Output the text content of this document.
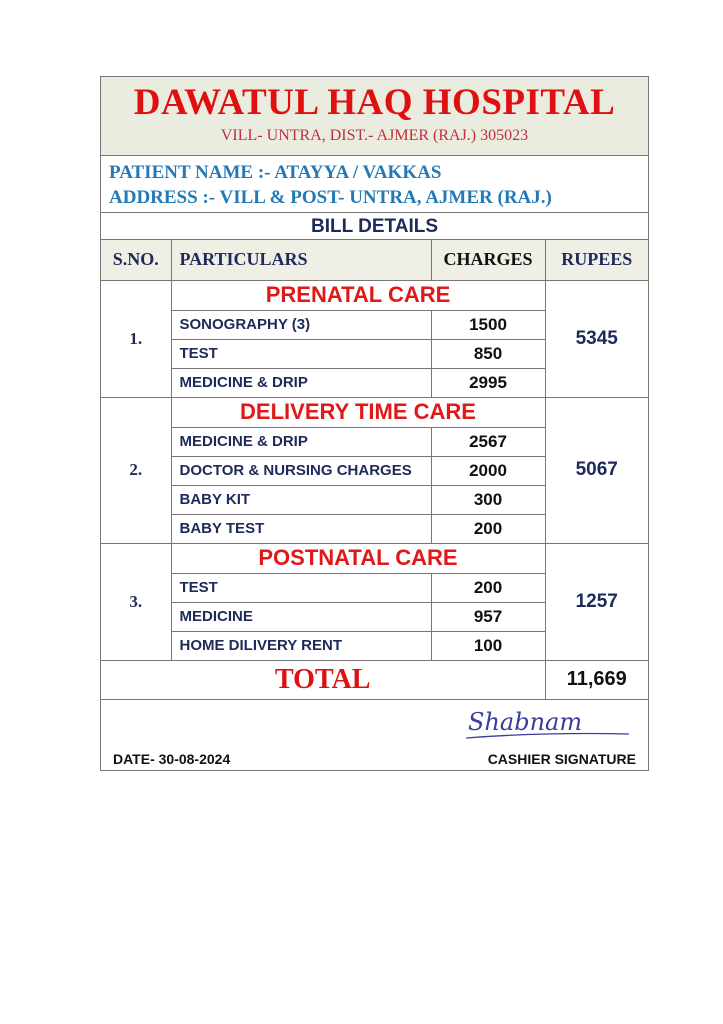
DAWATUL HAQ HOSPITAL
VILL- UNTRA, DIST.- AJMER (RAJ.) 305023
PATIENT NAME :- ATAYYA / VAKKAS
ADDRESS :- VILL & POST- UNTRA, AJMER (RAJ.)
BILL DETAILS
S.NO.	PARTICULARS	CHARGES	RUPEES
1.	PRENATAL CARE		5345
	SONOGRAPHY (3)	1500	
	TEST	850	
	MEDICINE & DRIP	2995	
2.	DELIVERY TIME CARE		5067
	MEDICINE & DRIP	2567	
	DOCTOR & NURSING CHARGES	2000	
	BABY KIT	300	
	BABY TEST	200	
3.	POSTNATAL CARE		1257
	TEST	200	
	MEDICINE	957	
	HOME DILIVERY RENT	100	
TOTAL	11,669
Shabnam
DATE- 30-08-2024	CASHIER SIGNATURE
